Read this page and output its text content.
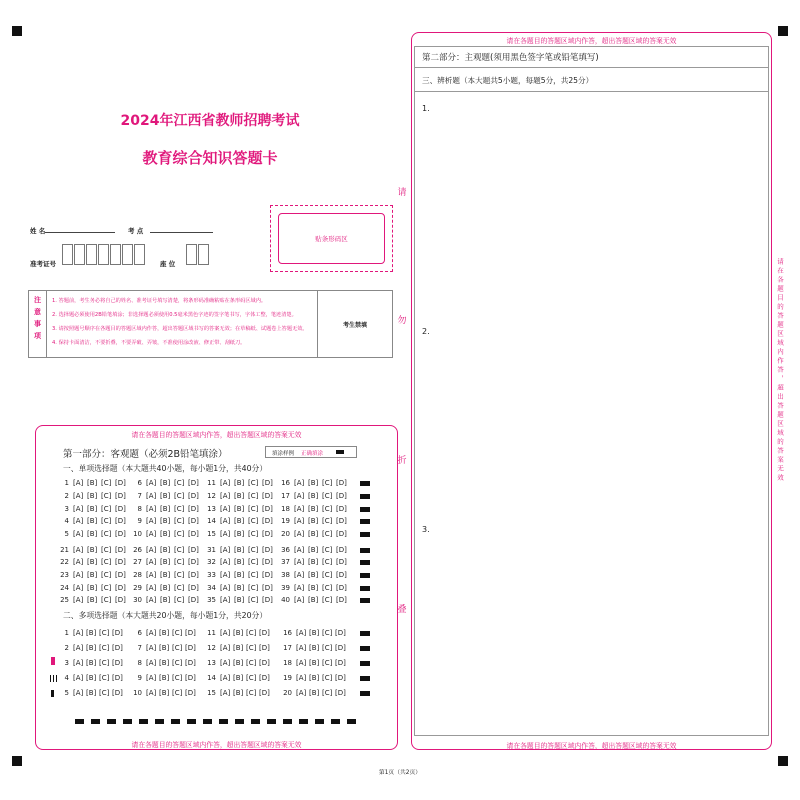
2024年江西省教师招聘考试
教育综合知识答题卡
姓 名	考 点
准考证号	座 位
贴条形码区
注意事项 1. 答题前，考生务必将自己的姓名、准考证号填写清楚，将条形码准确粘贴在条形码区域内。
2. 选择题必须使用2B铅笔填涂；非选择题必须使用0.5毫米黑色字迹的签字笔书写，字体工整，笔迹清楚。
3. 请按照题号顺序在各题目的答题区域内作答，超出答题区域书写的答案无效；在草稿纸、试题卷上答题无效。
4. 保持卡面清洁，不要折叠，不要弄破、弄皱，不准使用涂改液、修正带、刮纸刀。
考生禁填
请
勿
折
叠
请在各题目的答题区域内作答，超出答题区域的答案无效
请在各题目的答题区域内作答，超出答题区域的答案无效
第一部分：客观题（必须2B铅笔填涂）	填涂样例 正确填涂
一、单项选择题（本大题共40小题，每小题1分，共40分）
二、多项选择题（本大题共20小题，每小题1分，共20分）
请在各题目的答题区域内作答，超出答题区域的答案无效
请在各题目的答题区域内作答，超出答题区域的答案无效
第二部分：主观题(须用黑色签字笔或铅笔填写)
三、辨析题（本大题共5小题，每题5分，共25分）
1.
2.
3.
请在各题目的答题区域内作答，超出答题区域的答案无效
第1页（共2页）
1 [A] [B] [C] [D]	6 [A] [B] [C] [D]	11 [A] [B] [C] [D]	16 [A] [B] [C] [D]
2 [A] [B] [C] [D]	7 [A] [B] [C] [D]	12 [A] [B] [C] [D]	17 [A] [B] [C] [D]
3 [A] [B] [C] [D]	8 [A] [B] [C] [D]	13 [A] [B] [C] [D]	18 [A] [B] [C] [D]
4 [A] [B] [C] [D]	9 [A] [B] [C] [D]	14 [A] [B] [C] [D]	19 [A] [B] [C] [D]
5 [A] [B] [C] [D]	10 [A] [B] [C] [D]	15 [A] [B] [C] [D]	20 [A] [B] [C] [D]
21 [A] [B] [C] [D]	26 [A] [B] [C] [D]	31 [A] [B] [C] [D]	36 [A] [B] [C] [D]
22 [A] [B] [C] [D]	27 [A] [B] [C] [D]	32 [A] [B] [C] [D]	37 [A] [B] [C] [D]
23 [A] [B] [C] [D]	28 [A] [B] [C] [D]	33 [A] [B] [C] [D]	38 [A] [B] [C] [D]
24 [A] [B] [C] [D]	29 [A] [B] [C] [D]	34 [A] [B] [C] [D]	39 [A] [B] [C] [D]
25 [A] [B] [C] [D]	30 [A] [B] [C] [D]	35 [A] [B] [C] [D]	40 [A] [B] [C] [D]
1 [A] [B] [C] [D]	6 [A] [B] [C] [D]	11 [A] [B] [C] [D]	16 [A] [B] [C] [D]
2 [A] [B] [C] [D]	7 [A] [B] [C] [D]	12 [A] [B] [C] [D]	17 [A] [B] [C] [D]
3 [A] [B] [C] [D]	8 [A] [B] [C] [D]	13 [A] [B] [C] [D]	18 [A] [B] [C] [D]
4 [A] [B] [C] [D]	9 [A] [B] [C] [D]	14 [A] [B] [C] [D]	19 [A] [B] [C] [D]
5 [A] [B] [C] [D]	10 [A] [B] [C] [D]	15 [A] [B] [C] [D]	20 [A] [B] [C] [D]
